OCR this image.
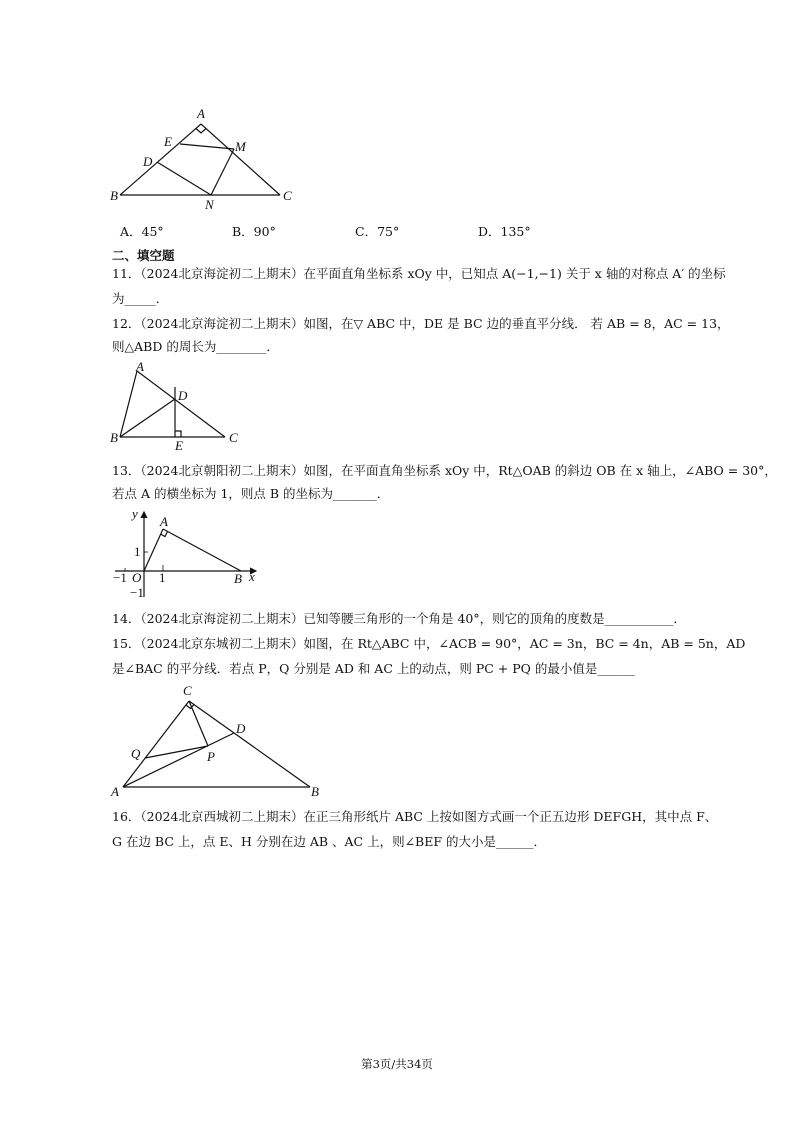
A
E	M
D
B
N
C
A．45°	B．90°	C．75°	D．135°
二、填空题
11．（2024北京海淀初二上期末）在平面直角坐标系 xOy 中，已知点 A(−1,−1) 关于 x 轴的对称点 A′ 的坐标
为_____．
12．（2024北京海淀初二上期末）如图，在▽ ABC 中，DE 是 BC 边的垂直平分线． 若 AB = 8，AC = 13，
则△ABD 的周长为________．
A
D
B
E
C
13．（2024北京朝阳初二上期末）如图，在平面直角坐标系 xOy 中，Rt△OAB 的斜边 OB 在 x 轴上，∠ABO = 30°，
若点 A 的横坐标为 1，则点 B 的坐标为_______．
y
A
1
−1 O 1	B x
−1
14．（2024北京海淀初二上期末）已知等腰三角形的一个角是 40°，则它的顶角的度数是___________．
15．（2024北京东城初二上期末）如图，在 Rt△ABC 中，∠ACB = 90°，AC = 3n，BC = 4n，AB = 5n，AD
是∠BAC 的平分线．若点 P，Q 分别是 AD 和 AC 上的动点，则 PC + PQ 的最小值是______
C
D
Q	P
A	B
16．（2024北京西城初二上期末）在正三角形纸片 ABC 上按如图方式画一个正五边形 DEFGH，其中点 F、
G 在边 BC 上，点 E、H 分别在边 AB 、AC 上，则∠BEF 的大小是______．
第3页/共34页
